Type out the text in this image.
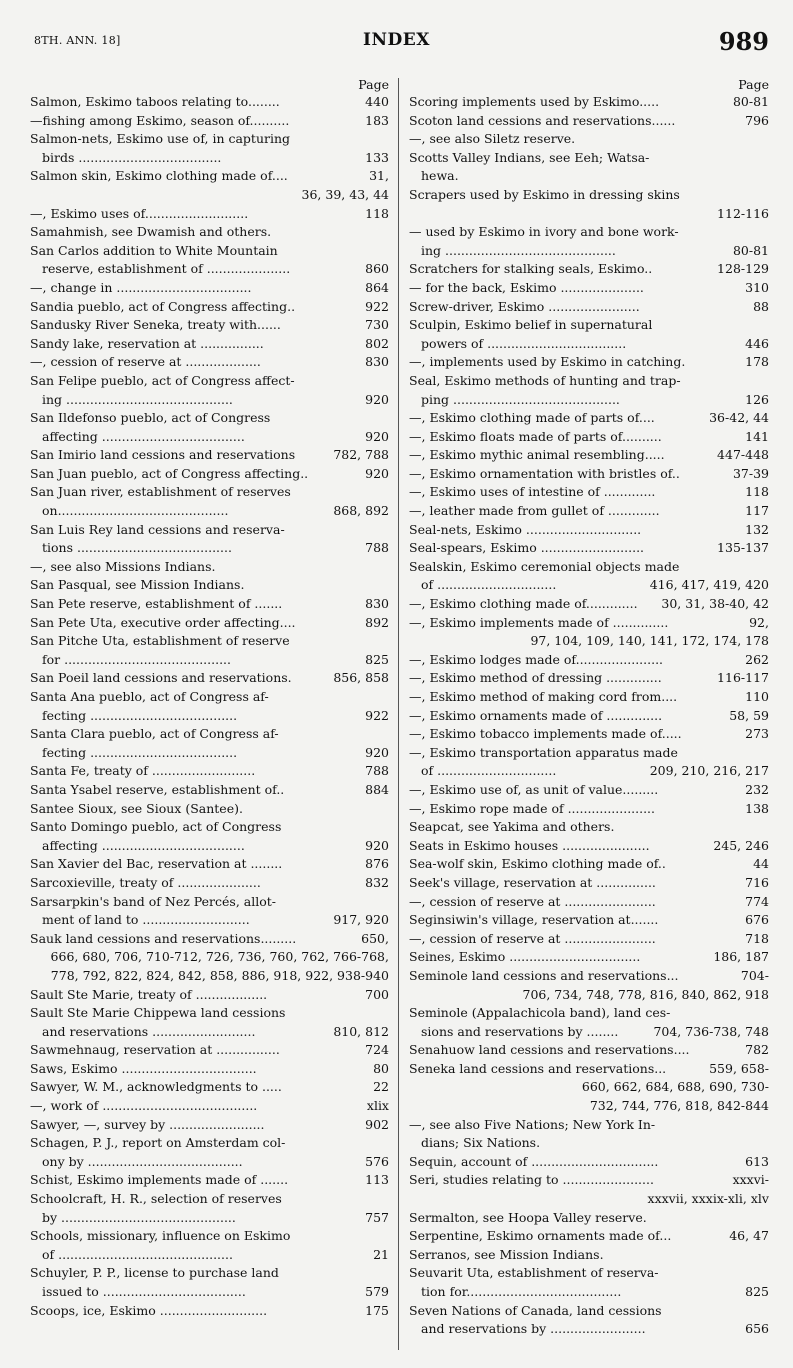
8TH. ANN. 18]	INDEX	989
Page
Salmon, Eskimo taboos relating to........	440
—fishing among Eskimo, season of..........	183
Salmon-nets, Eskimo use of, in capturing
birds ....................................	133
Salmon skin, Eskimo clothing made of....	31,
36, 39, 43, 44
—, Eskimo uses of..........................	118
Samahmish, see Dwamish and others.
San Carlos addition to White Mountain
reserve, establishment of .....................	860
—, change in ..................................	864
Sandia pueblo, act of Congress affecting..	922
Sandusky River Seneka, treaty with......	730
Sandy lake, reservation at ................	802
—, cession of reserve at ...................	830
San Felipe pueblo, act of Congress affect-
ing ..........................................	920
San Ildefonso pueblo, act of Congress
affecting ....................................	920
San Imirio land cessions and reservations	782, 788
San Juan pueblo, act of Congress affecting..	920
San Juan river, establishment of reserves
on...........................................	868, 892
San Luis Rey land cessions and reserva-
tions .......................................	788
—, see also Missions Indians.
San Pasqual, see Mission Indians.
San Pete reserve, establishment of .......	830
San Pete Uta, executive order affecting....	892
San Pitche Uta, establishment of reserve
for ..........................................	825
San Poeil land cessions and reservations.	856, 858
Santa Ana pueblo, act of Congress af-
fecting .....................................	922
Santa Clara pueblo, act of Congress af-
fecting .....................................	920
Santa Fe, treaty of ..........................	788
Santa Ysabel reserve, establishment of..	884
Santee Sioux, see Sioux (Santee).
Santo Domingo pueblo, act of Congress
affecting ....................................	920
San Xavier del Bac, reservation at ........	876
Sarcoxieville, treaty of .....................	832
Sarsarpkin's band of Nez Percés, allot-
ment of land to ...........................	917, 920
Sauk land cessions and reservations.........	650,
666, 680, 706, 710-712, 726, 736, 760, 762, 766-768,
778, 792, 822, 824, 842, 858, 886, 918, 922, 938-940
Sault Ste Marie, treaty of ..................	700
Sault Ste Marie Chippewa land cessions
and reservations ..........................	810, 812
Sawmehnaug, reservation at ................	724
Saws, Eskimo ..................................	80
Sawyer, W. M., acknowledgments to .....	22
—, work of .......................................	xlix
Sawyer, —, survey by ........................	902
Schagen, P. J., report on Amsterdam col-
ony by .......................................	576
Schist, Eskimo implements made of .......	113
Schoolcraft, H. R., selection of reserves
by ............................................	757
Schools, missionary, influence on Eskimo
of ............................................	21
Schuyler, P. P., license to purchase land
issued to ....................................	579
Scoops, ice, Eskimo ...........................	175
Page
Scoring implements used by Eskimo.....	80-81
Scoton land cessions and reservations......	796
—, see also Siletz reserve.
Scotts Valley Indians, see Eeh; Watsa-
hewa.
Scrapers used by Eskimo in dressing skins
112-116
— used by Eskimo in ivory and bone work-
ing ...........................................	80-81
Scratchers for stalking seals, Eskimo..	128-129
— for the back, Eskimo .....................	310
Screw-driver, Eskimo .......................	88
Sculpin, Eskimo belief in supernatural
powers of ...................................	446
—, implements used by Eskimo in catching.	178
Seal, Eskimo methods of hunting and trap-
ping ..........................................	126
—, Eskimo clothing made of parts of....	36-42, 44
—, Eskimo floats made of parts of..........	141
—, Eskimo mythic animal resembling.....	447-448
—, Eskimo ornamentation with bristles of..	37-39
—, Eskimo uses of intestine of .............	118
—, leather made from gullet of .............	117
Seal-nets, Eskimo .............................	132
Seal-spears, Eskimo ..........................	135-137
Sealskin, Eskimo ceremonial objects made
of ..............................	416, 417, 419, 420
—, Eskimo clothing made of............. 30, 31, 38-40, 42
—, Eskimo implements made of ..............	92,
97, 104, 109, 140, 141, 172, 174, 178
—, Eskimo lodges made of......................	262
—, Eskimo method of dressing ..............	116-117
—, Eskimo method of making cord from....	110
—, Eskimo ornaments made of ..............	58, 59
—, Eskimo tobacco implements made of.....	273
—, Eskimo transportation apparatus made
of ..............................	209, 210, 216, 217
—, Eskimo use of, as unit of value.........	232
—, Eskimo rope made of ......................	138
Seapcat, see Yakima and others.
Seats in Eskimo houses ......................	245, 246
Sea-wolf skin, Eskimo clothing made of..	44
Seek's village, reservation at ...............	716
—, cession of reserve at .......................	774
Seginsiwin's village, reservation at.......	676
—, cession of reserve at .......................	718
Seines, Eskimo .................................	186, 187
Seminole land cessions and reservations...	704-
706, 734, 748, 778, 816, 840, 862, 918
Seminole (Appalachicola band), land ces-
sions and reservations by ........	704, 736-738, 748
Senahuow land cessions and reservations....	782
Seneka land cessions and reservations...	559, 658-
660, 662, 684, 688, 690, 730-
732, 744, 776, 818, 842-844
—, see also Five Nations; New York In-
dians; Six Nations.
Sequin, account of ................................	613
Seri, studies relating to .......................	xxxvi-
xxxvii, xxxix-xli, xlv
Sermalton, see Hoopa Valley reserve.
Serpentine, Eskimo ornaments made of...	46, 47
Serranos, see Mission Indians.
Seuvarit Uta, establishment of reserva-
tion for.......................................	825
Seven Nations of Canada, land cessions
and reservations by ........................	656
